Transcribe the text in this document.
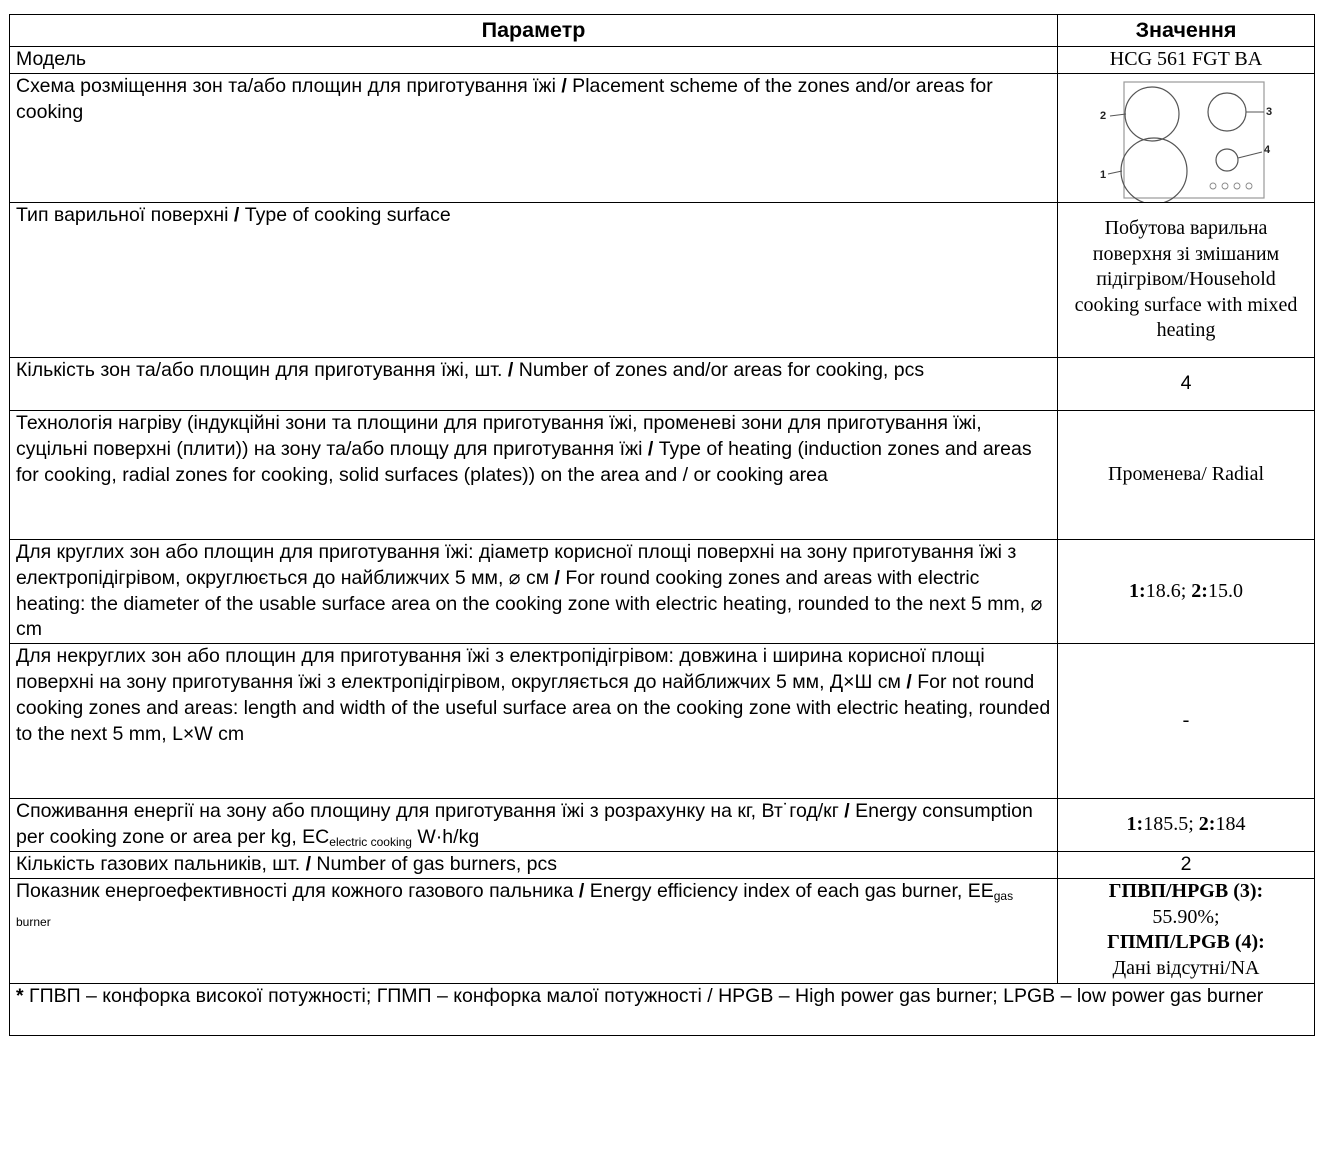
Параметр	Значення
Модель	HCG 561 FGT BA
Схема розміщення зон та/або площин для приготування їжі / Placement scheme of the zones and/or areas for cooking	2 3
1
4

Тип варильної поверхні / Type of cooking surface	Побутова варильна поверхня зі змішаним підігрівом/Household cooking surface with mixed heating
Кількість зон та/або площин для приготування їжі, шт. / Number of zones and/or areas for cooking, pcs	4
Технологія нагріву (індукційні зони та площини для приготування їжі, променеві зони для приготування їжі, суцільні поверхні (плити)) на зону та/або площу для приготування їжі / Type of heating (induction zones and areas for cooking, radial zones for cooking, solid surfaces (plates)) on the area and / or cooking area	Променева/ Radial
Для круглих зон або площин для приготування їжі: діаметр корисної площі поверхні на зону приготування їжі з електропідігрівом, округлюється до найближчих 5 мм, ⌀ см / For round cooking zones and areas with electric heating: the diameter of the usable surface area on the cooking zone with electric heating, rounded to the next 5 mm, ⌀ cm	1:18.6; 2:15.0
Для некруглих зон або площин для приготування їжі з електропідігрівом: довжина і ширина корисної площі поверхні на зону приготування їжі з електропідігрівом, округляється до найближчих 5 мм, Д×Ш см / For not round cooking zones and areas: length and width of the useful surface area on the cooking zone with electric heating, rounded to the next 5 mm, L×W cm	-
Споживання енергії на зону або площину для приготування їжі з розрахунку на кг, Вт˙год/кг / Energy consumption per cooking zone or area per kg, $EC_{electric cooking}$ W·h/kg	1:185.5; 2:184
Кількість газових пальників, шт. / Number of gas burners, pcs	2
Показник енергоефективності для кожного газового пальника / Energy efficiency index of each gas burner, $EE_{gas burner}$	ГПВП/HPGB (3):
55.90%;
ГПМП/LPGB (4):
Дані відсутні/NA

* ГПВП – конфорка високої потужності; ГПМП – конфорка малої потужності / HPGB – High power gas burner; LPGB – low power gas burner	
